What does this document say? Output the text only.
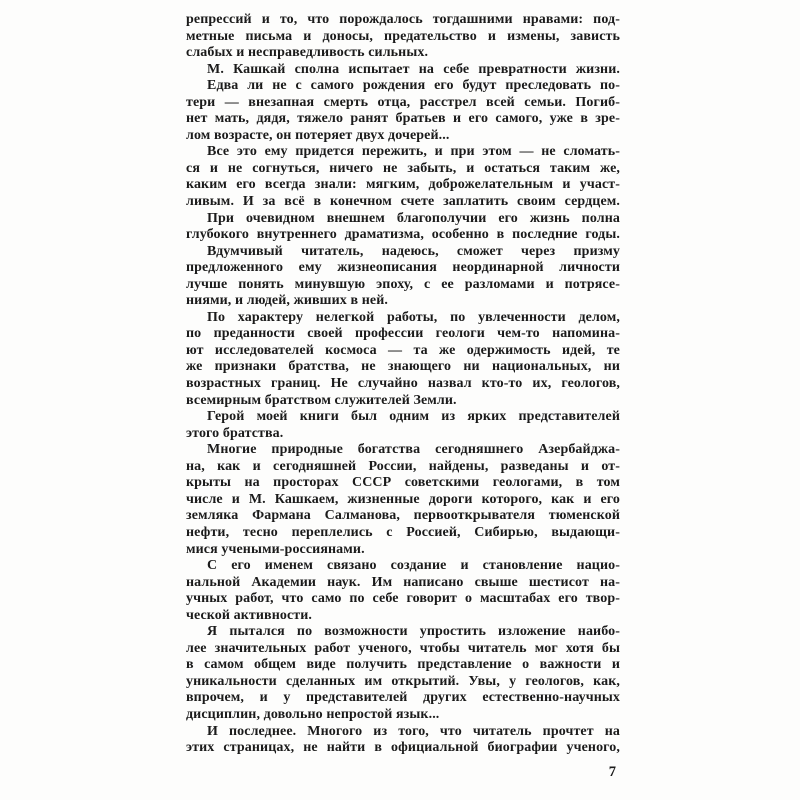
репрессий и то, что порождалось тогдашними нравами: под-
метные письма и доносы, предательство и измены, зависть
слабых и несправедливость сильных.
М. Кашкай сполна испытает на себе превратности жизни.
Едва ли не с самого рождения его будут преследовать по-
тери — внезапная смерть отца, расстрел всей семьи. Погиб-
нет мать, дядя, тяжело ранят братьев и его самого, уже в зре-
лом возрасте, он потеряет двух дочерей...
Все это ему придется пережить, и при этом — не сломать-
ся и не согнуться, ничего не забыть, и остаться таким же,
каким его всегда знали: мягким, доброжелательным и участ-
ливым. И за всё в конечном счете заплатить своим сердцем.
При очевидном внешнем благополучии его жизнь полна
глубокого внутреннего драматизма, особенно в последние годы.
Вдумчивый читатель, надеюсь, сможет через призму
предложенного ему жизнеописания неординарной личности
лучше понять минувшую эпоху, с ее разломами и потрясе-
ниями, и людей, живших в ней.
По характеру нелегкой работы, по увлеченности делом,
по преданности своей профессии геологи чем-то напомина-
ют исследователей космоса — та же одержимость идей, те
же признаки братства, не знающего ни национальных, ни
возрастных границ. Не случайно назвал кто-то их, геологов,
всемирным братством служителей Земли.
Герой моей книги был одним из ярких представителей
этого братства.
Многие природные богатства сегодняшнего Азербайджа-
на, как и сегодняшней России, найдены, разведаны и от-
крыты на просторах СССР советскими геологами, в том
числе и М. Кашкаем, жизненные дороги которого, как и его
земляка Фармана Салманова, первооткрывателя тюменской
нефти, тесно переплелись с Россией, Сибирью, выдающи-
мися учеными-россиянами.
С его именем связано создание и становление нацио-
нальной Академии наук. Им написано свыше шестисот на-
учных работ, что само по себе говорит о масштабах его твор-
ческой активности.
Я пытался по возможности упростить изложение наибо-
лее значительных работ ученого, чтобы читатель мог хотя бы
в самом общем виде получить представление о важности и
уникальности сделанных им открытий. Увы, у геологов, как,
впрочем, и у представителей других естественно-научных
дисциплин, довольно непростой язык...
И последнее. Многого из того, что читатель прочтет на
этих страницах, не найти в официальной биографии ученого,
7
